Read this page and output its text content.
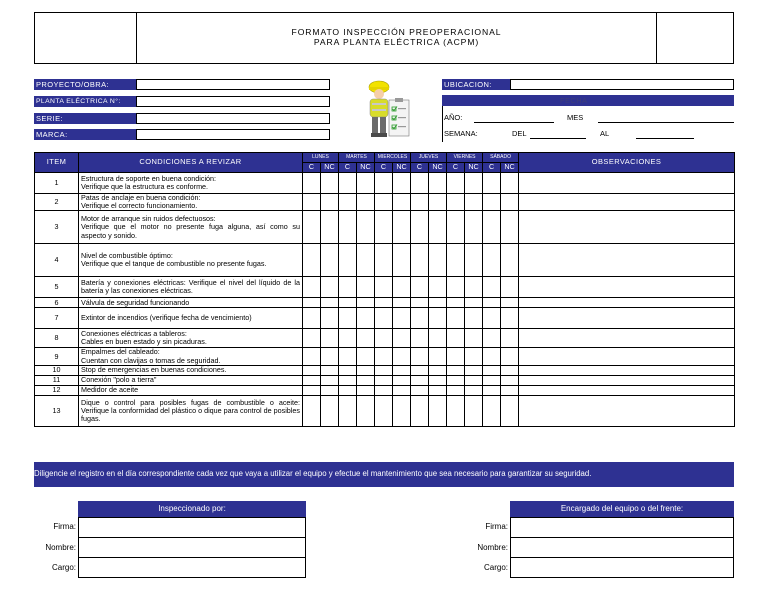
FORMATO INSPECCIÓN PREOPERACIONAL
PARA PLANTA ELÉCTRICA (ACPM)
PROYECTO/OBRA:
PLANTA ELÉCTRICA N°:
SERIE:
MARCA:
UBICACION:
FECHA
AÑO:	MES
SEMANA:	DEL	AL
ITEM	CONDICIONES A REVIZAR	LUNES		MARTES		MIERCOLES		JUEVES		VIERNES		SÁBADO		OBSERVACIONES
		C	NC	C	NC	C	NC	C	NC	C	NC	C	NC	
1	Estructura de soporte en buena condición:
Verifique que la estructura es conforme.													
2	Patas de anclaje en buena condición:
Verifique el correcto funcionamiento.													
3	Motor de arranque sin ruidos defectuosos:
Verifique que el motor no presente fuga alguna, así como su aspecto y sonido.													
4	Nivel de combustible óptimo:
Verifique que el tanque de combustible no presente fugas.													
5	Batería y conexiones eléctricas: Verifique el nivel del líquido de la batería y las conexiones eléctricas.													
6	Válvula de seguridad funcionando													
7	Extintor de incendios (verifique fecha de vencimiento)													
8	Conexiones eléctricas a tableros:
Cables en buen estado y sin picaduras.													
9	Empalmes del cableado:
Cuentan con clavijas o tomas de seguridad.													
10	Stop de emergencias en buenas condiciones.													
11	Conexión "polo a tierra"													
12	Medidor de aceite													
13	Dique o control para posibles fugas de combustible o aceite: Verifique la conformidad del plástico o dique para control de posibles fugas.													
Diligencie el registro en el día correspondiente cada vez que vaya a utilizar el equipo y efectue el mantenimiento que sea necesario para garantizar su seguridad.
Inspeccionado por:
Firma:
Nombre:
Cargo:
Encargado del equipo o del frente:
Firma:
Nombre:
Cargo:
